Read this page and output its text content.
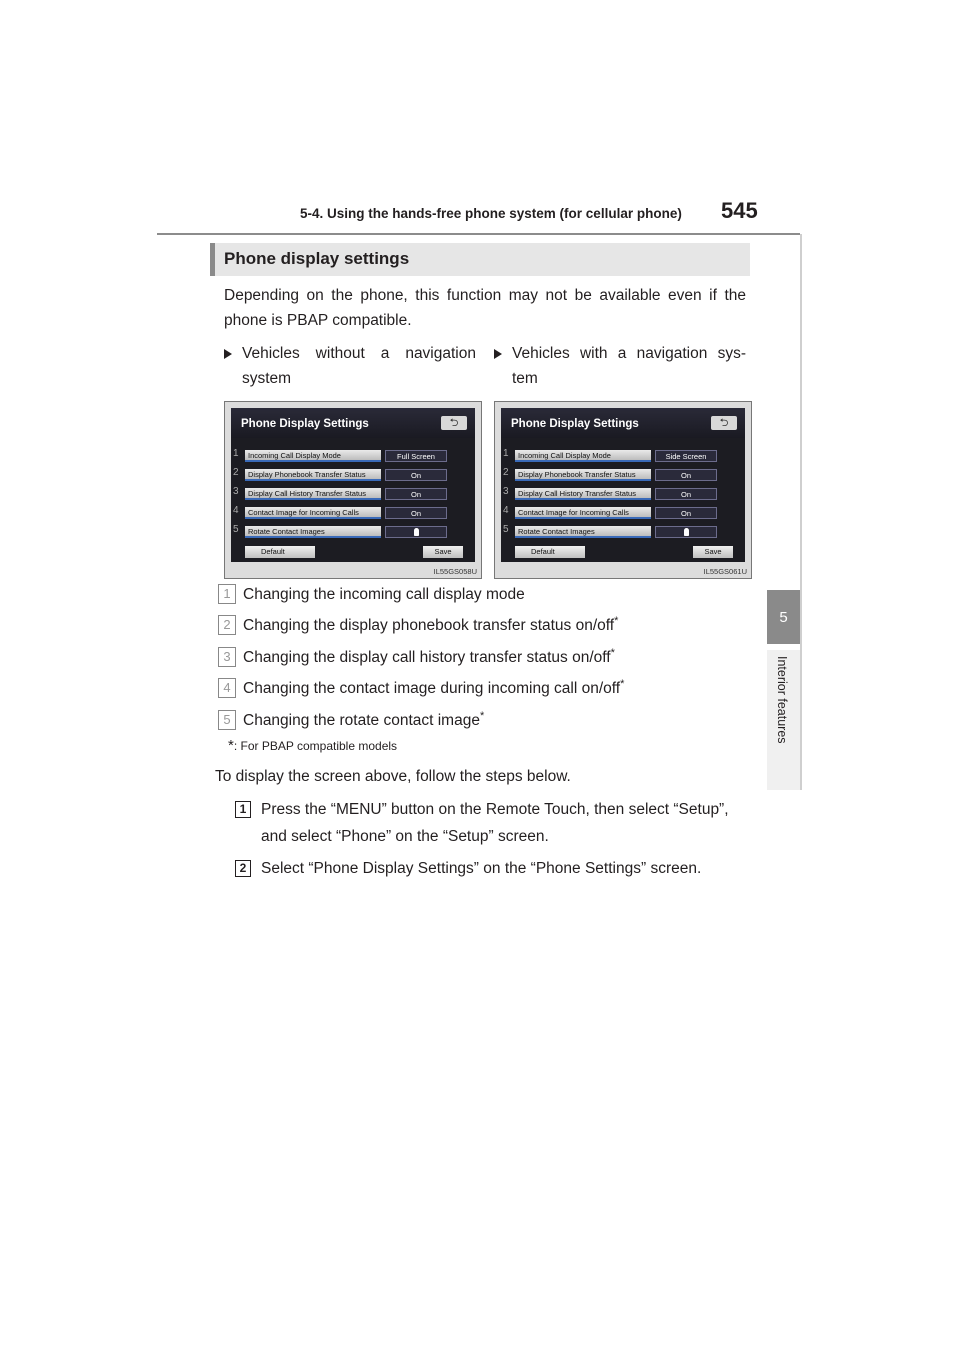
5-4. Using the hands-free phone system (for cellular phone) 545
5
Interior features
Phone display settings
Depending on the phone, this function may not be available even if the phone is PBAP compatible.
Vehicles without a navigation
system
Vehicles with a navigation sys-
tem
Phone Display Settings	⮌
Incoming Call Display Mode	Full Screen
Display Phonebook Transfer Status	On
Display Call History Transfer Status	On
Contact Image for Incoming Calls	On
Rotate Contact Images
1
2
3
4
5
Default	Save
IL55GS058U
Phone Display Settings	⮌
Incoming Call Display Mode	Side Screen
Display Phonebook Transfer Status	On
Display Call History Transfer Status	On
Contact Image for Incoming Calls	On
Rotate Contact Images
1
2
3
4
5
Default	Save
IL55GS061U
1 Changing the incoming call display mode
2 Changing the display phonebook transfer status on/off*
3 Changing the display call history transfer status on/off*
4 Changing the contact image during incoming call on/off*
5 Changing the rotate contact image*
*: For PBAP compatible models
To display the screen above, follow the steps below.
1 Press the “MENU” button on the Remote Touch, then select “Setup”,
and select “Phone” on the “Setup” screen.
2 Select “Phone Display Settings” on the “Phone Settings” screen.
